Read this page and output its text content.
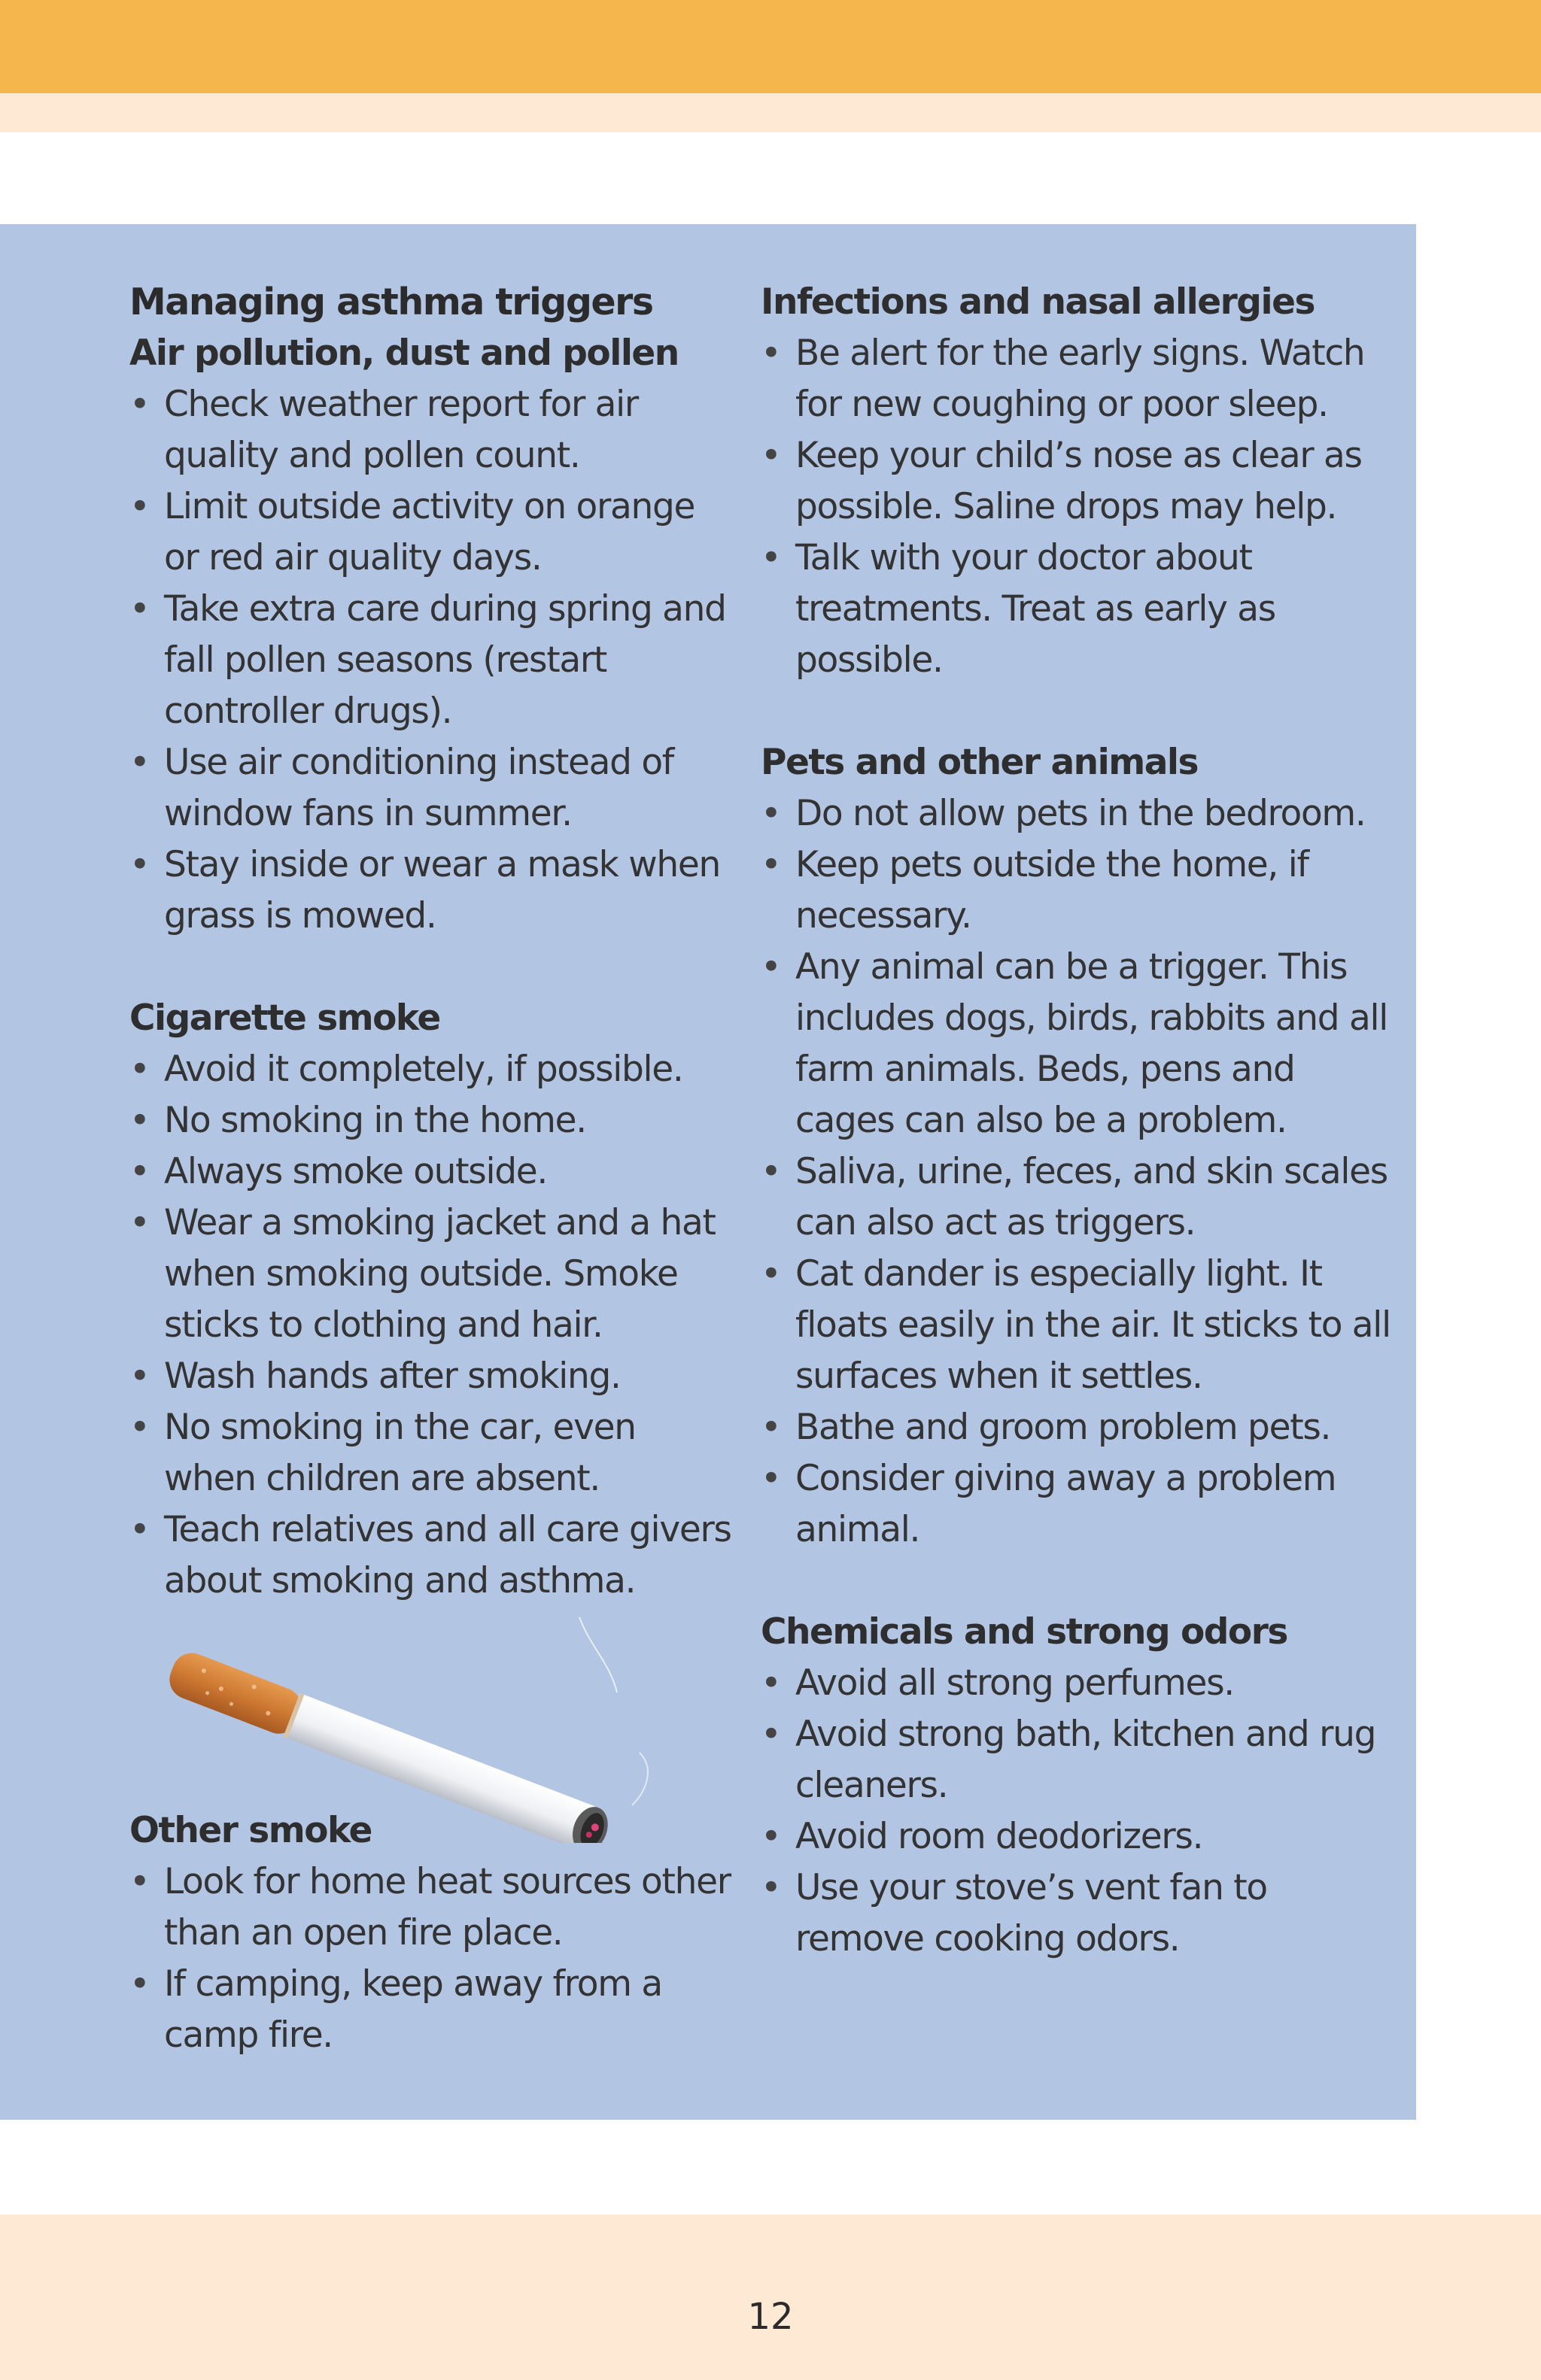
Managing asthma triggers
Air pollution, dust and pollen
• Check weather report for air quality and pollen count.
• Limit outside activity on orange or red air quality days.
• Take extra care during spring and fall pollen seasons (restart controller drugs).
• Use air conditioning instead of window fans in summer.
• Stay inside or wear a mask when grass is mowed.
Cigarette smoke
• Avoid it completely, if possible.
• No smoking in the home.
• Always smoke outside.
• Wear a smoking jacket and a hat when smoking outside. Smoke sticks to clothing and hair.
• Wash hands after smoking.
• No smoking in the car, even when children are absent.
• Teach relatives and all care givers about smoking and asthma.
Other smoke
• Look for home heat sources other than an open fire place.
• If camping, keep away from a camp fire.
Infections and nasal allergies
• Be alert for the early signs. Watch for new coughing or poor sleep.
• Keep your child’s nose as clear as possible. Saline drops may help.
• Talk with your doctor about treatments. Treat as early as possible.
Pets and other animals
• Do not allow pets in the bedroom.
• Keep pets outside the home, if necessary.
• Any animal can be a trigger. This includes dogs, birds, rabbits and all farm animals. Beds, pens and cages can also be a problem.
• Saliva, urine, feces, and skin scales can also act as triggers.
• Cat dander is especially light. It floats easily in the air. It sticks to all surfaces when it settles.
• Bathe and groom problem pets.
• Consider giving away a problem animal.
Chemicals and strong odors
• Avoid all strong perfumes.
• Avoid strong bath, kitchen and rug cleaners.
• Avoid room deodorizers.
• Use your stove’s vent fan to remove cooking odors.
12
